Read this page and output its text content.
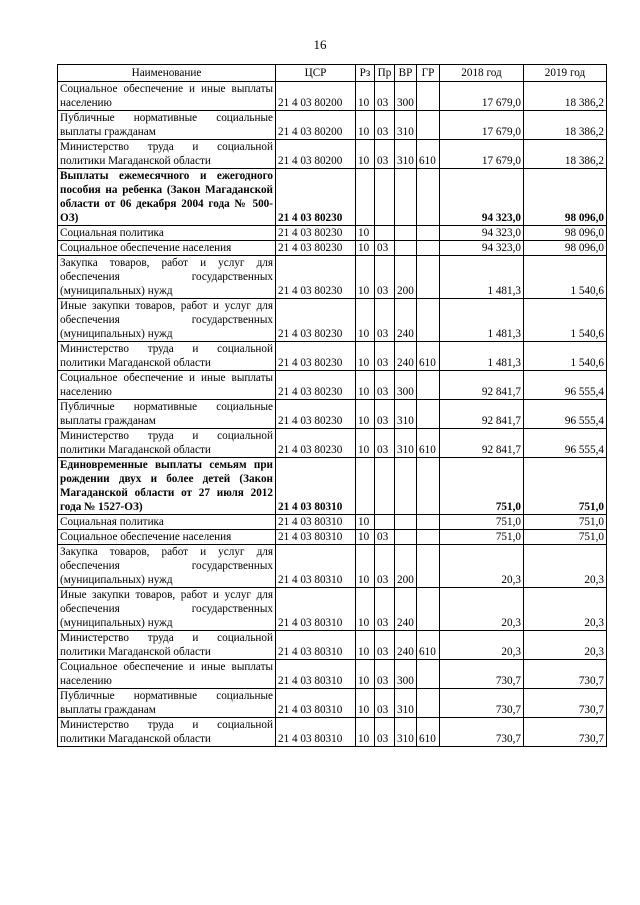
16
Наименование	ЦСР	Рз	Пр	ВР	ГР	2018 год	2019 год
Социальное обеспечение и иные выплаты населению	21 4 03 80200	10	03	300		17 679,0	18 386,2
Публичные нормативные социальные выплаты гражданам	21 4 03 80200	10	03	310		17 679,0	18 386,2
Министерство труда и социальной политики Магаданской области	21 4 03 80200	10	03	310	610	17 679,0	18 386,2
Выплаты ежемесячного и ежегодного пособия на ребенка (Закон Магаданской области от 06 декабря 2004 года № 500-ОЗ)	21 4 03 80230					94 323,0	98 096,0
Социальная политика	21 4 03 80230	10				94 323,0	98 096,0
Социальное обеспечение населения	21 4 03 80230	10	03			94 323,0	98 096,0
Закупка товаров, работ и услуг для обеспечения государственных (муниципальных) нужд	21 4 03 80230	10	03	200		1 481,3	1 540,6
Иные закупки товаров, работ и услуг для обеспечения государственных (муниципальных) нужд	21 4 03 80230	10	03	240		1 481,3	1 540,6
Министерство труда и социальной политики Магаданской области	21 4 03 80230	10	03	240	610	1 481,3	1 540,6
Социальное обеспечение и иные выплаты населению	21 4 03 80230	10	03	300		92 841,7	96 555,4
Публичные нормативные социальные выплаты гражданам	21 4 03 80230	10	03	310		92 841,7	96 555,4
Министерство труда и социальной политики Магаданской области	21 4 03 80230	10	03	310	610	92 841,7	96 555,4
Единовременные выплаты семьям при рождении двух и более детей (Закон Магаданской области от 27 июля 2012 года № 1527-ОЗ)	21 4 03 80310					751,0	751,0
Социальная политика	21 4 03 80310	10				751,0	751,0
Социальное обеспечение населения	21 4 03 80310	10	03			751,0	751,0
Закупка товаров, работ и услуг для обеспечения государственных (муниципальных) нужд	21 4 03 80310	10	03	200		20,3	20,3
Иные закупки товаров, работ и услуг для обеспечения государственных (муниципальных) нужд	21 4 03 80310	10	03	240		20,3	20,3
Министерство труда и социальной политики Магаданской области	21 4 03 80310	10	03	240	610	20,3	20,3
Социальное обеспечение и иные выплаты населению	21 4 03 80310	10	03	300		730,7	730,7
Публичные нормативные социальные выплаты гражданам	21 4 03 80310	10	03	310		730,7	730,7
Министерство труда и социальной политики Магаданской области	21 4 03 80310	10	03	310	610	730,7	730,7
